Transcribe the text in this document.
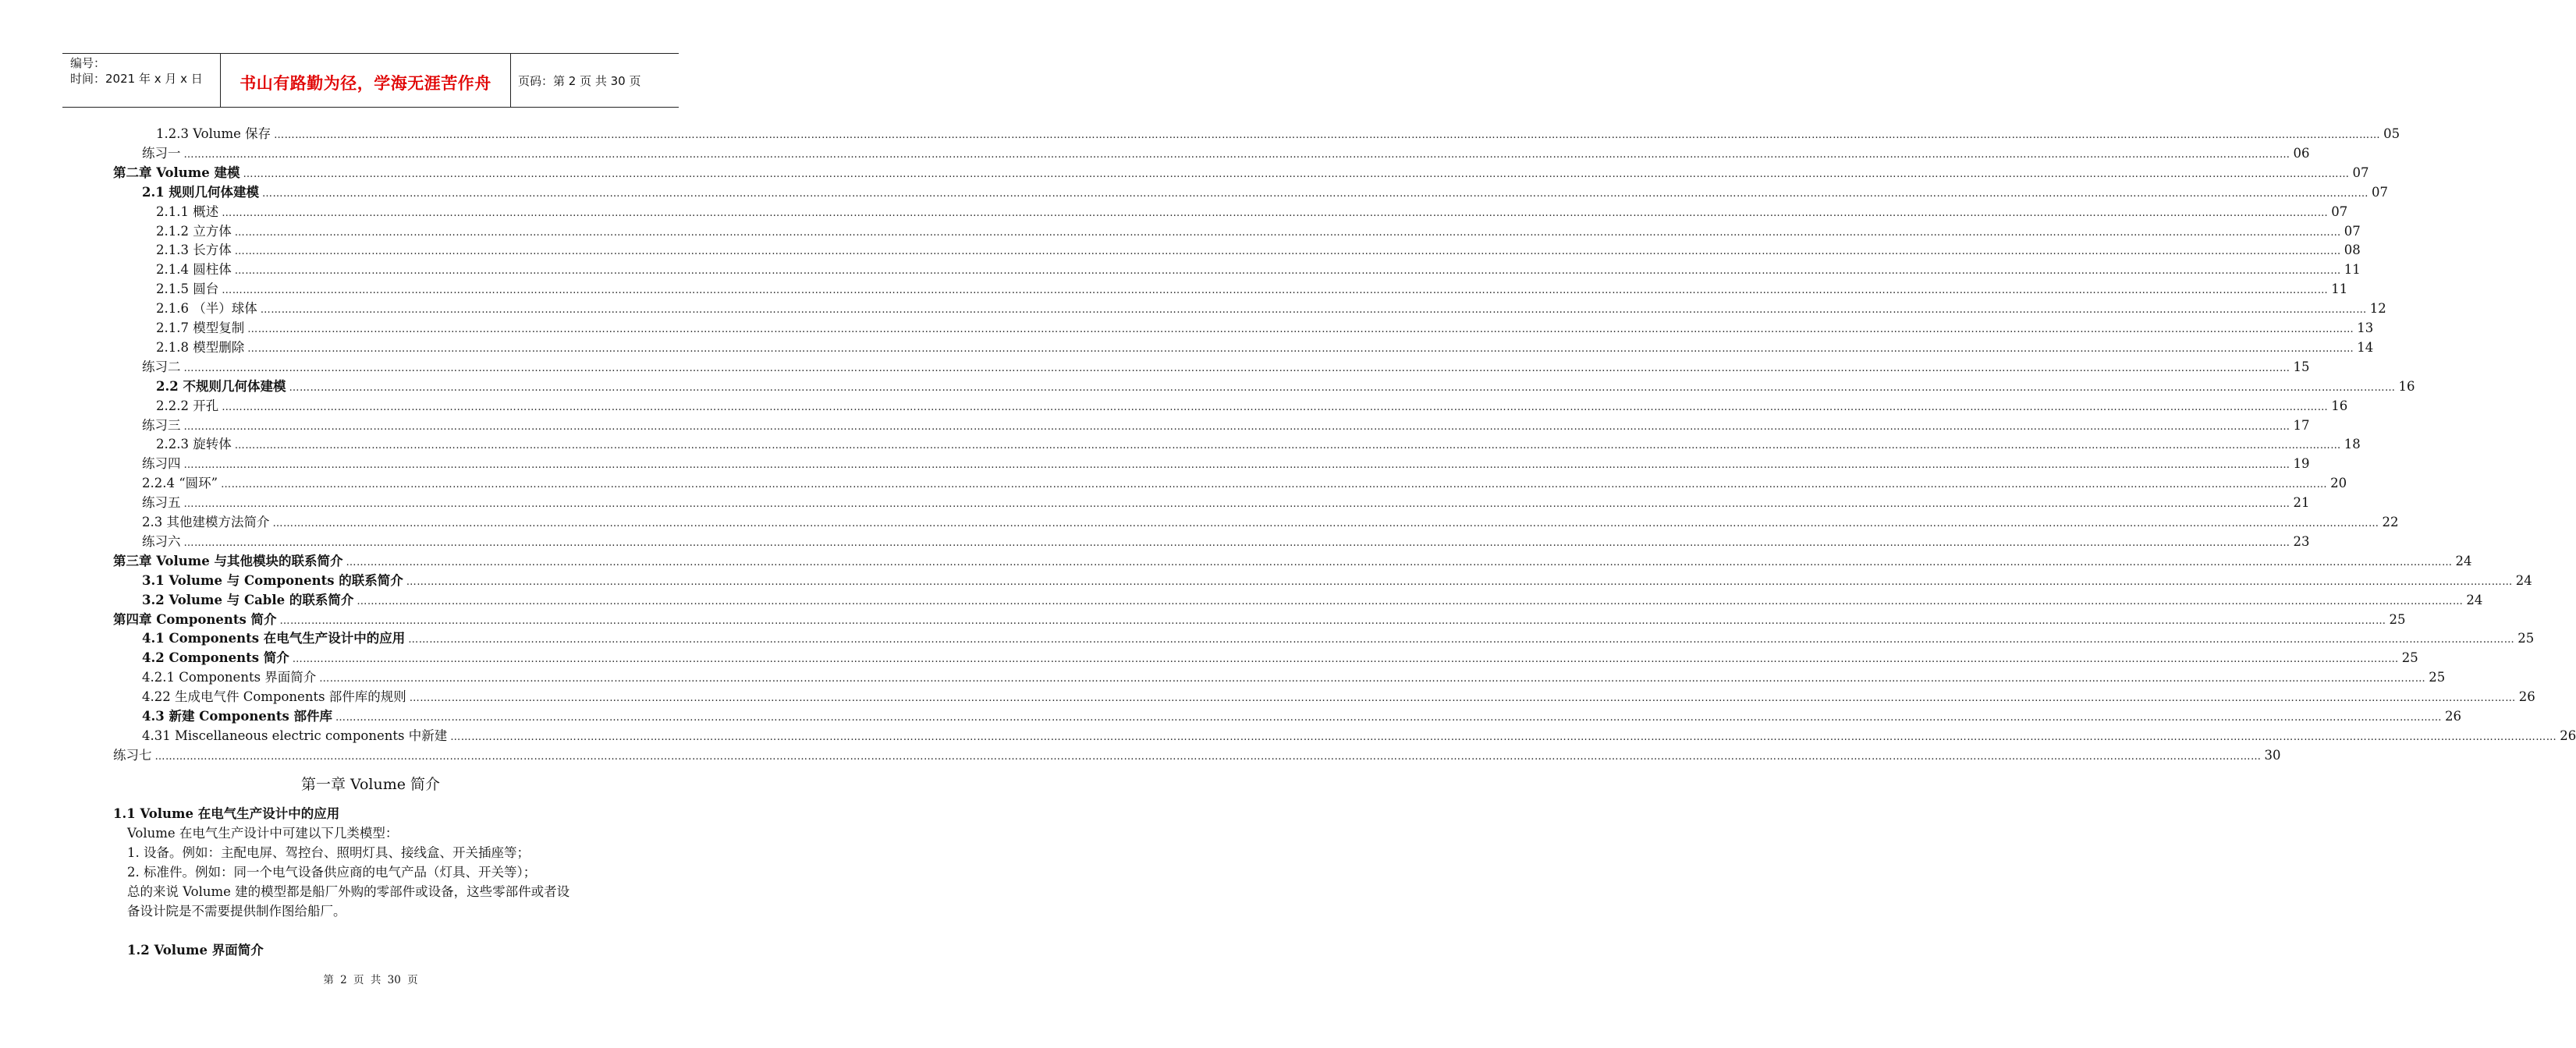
编号：
时间：2021 年 x 月 x 日	书山有路勤为径，学海无涯苦作舟	页码：第 2 页 共 30 页
1.2.3 Volume 保存 …………………………………………………………………………………………………………………………………………………………………………………………………………………………………………………………………………………………………………………………………………………………………………………………………………………………………………………………………………………………………………………………………………………… 05
练习一 …………………………………………………………………………………………………………………………………………………………………………………………………………………………………………………………………………………………………………………………………………………………………………………………………………………………………………………………………………………………………………………………………………………… 06
第二章 Volume 建模 …………………………………………………………………………………………………………………………………………………………………………………………………………………………………………………………………………………………………………………………………………………………………………………………………………………………………………………………………………………………………………………………………………………… 07
2.1 规则几何体建模 …………………………………………………………………………………………………………………………………………………………………………………………………………………………………………………………………………………………………………………………………………………………………………………………………………………………………………………………………………………………………………………………………………………… 07
2.1.1 概述 …………………………………………………………………………………………………………………………………………………………………………………………………………………………………………………………………………………………………………………………………………………………………………………………………………………………………………………………………………………………………………………………………………………… 07
2.1.2 立方体 …………………………………………………………………………………………………………………………………………………………………………………………………………………………………………………………………………………………………………………………………………………………………………………………………………………………………………………………………………………………………………………………………………………… 07
2.1.3 长方体 …………………………………………………………………………………………………………………………………………………………………………………………………………………………………………………………………………………………………………………………………………………………………………………………………………………………………………………………………………………………………………………………………………………… 08
2.1.4 圆柱体 …………………………………………………………………………………………………………………………………………………………………………………………………………………………………………………………………………………………………………………………………………………………………………………………………………………………………………………………………………………………………………………………………………………… 11
2.1.5 圆台 …………………………………………………………………………………………………………………………………………………………………………………………………………………………………………………………………………………………………………………………………………………………………………………………………………………………………………………………………………………………………………………………………………………… 11
2.1.6 （半）球体 …………………………………………………………………………………………………………………………………………………………………………………………………………………………………………………………………………………………………………………………………………………………………………………………………………………………………………………………………………………………………………………………………………………… 12
2.1.7 模型复制 …………………………………………………………………………………………………………………………………………………………………………………………………………………………………………………………………………………………………………………………………………………………………………………………………………………………………………………………………………………………………………………………………………………… 13
2.1.8 模型删除 …………………………………………………………………………………………………………………………………………………………………………………………………………………………………………………………………………………………………………………………………………………………………………………………………………………………………………………………………………………………………………………………………………………… 14
练习二 …………………………………………………………………………………………………………………………………………………………………………………………………………………………………………………………………………………………………………………………………………………………………………………………………………………………………………………………………………………………………………………………………………………… 15
2.2 不规则几何体建模 …………………………………………………………………………………………………………………………………………………………………………………………………………………………………………………………………………………………………………………………………………………………………………………………………………………………………………………………………………………………………………………………………………………… 16
2.2.2 开孔 …………………………………………………………………………………………………………………………………………………………………………………………………………………………………………………………………………………………………………………………………………………………………………………………………………………………………………………………………………………………………………………………………………………… 16
练习三 …………………………………………………………………………………………………………………………………………………………………………………………………………………………………………………………………………………………………………………………………………………………………………………………………………………………………………………………………………………………………………………………………………………… 17
2.2.3 旋转体 …………………………………………………………………………………………………………………………………………………………………………………………………………………………………………………………………………………………………………………………………………………………………………………………………………………………………………………………………………………………………………………………………………………… 18
练习四 …………………………………………………………………………………………………………………………………………………………………………………………………………………………………………………………………………………………………………………………………………………………………………………………………………………………………………………………………………………………………………………………………………………… 19
2.2.4 “圆环” …………………………………………………………………………………………………………………………………………………………………………………………………………………………………………………………………………………………………………………………………………………………………………………………………………………………………………………………………………………………………………………………………………………… 20
练习五 …………………………………………………………………………………………………………………………………………………………………………………………………………………………………………………………………………………………………………………………………………………………………………………………………………………………………………………………………………………………………………………………………………………… 21
2.3 其他建模方法简介 …………………………………………………………………………………………………………………………………………………………………………………………………………………………………………………………………………………………………………………………………………………………………………………………………………………………………………………………………………………………………………………………………………………… 22
练习六 …………………………………………………………………………………………………………………………………………………………………………………………………………………………………………………………………………………………………………………………………………………………………………………………………………………………………………………………………………………………………………………………………………………… 23
第三章 Volume 与其他模块的联系简介 …………………………………………………………………………………………………………………………………………………………………………………………………………………………………………………………………………………………………………………………………………………………………………………………………………………………………………………………………………………………………………………………………………………… 24
3.1 Volume 与 Components 的联系简介 …………………………………………………………………………………………………………………………………………………………………………………………………………………………………………………………………………………………………………………………………………………………………………………………………………………………………………………………………………………………………………………………………………………… 24
3.2 Volume 与 Cable 的联系简介 …………………………………………………………………………………………………………………………………………………………………………………………………………………………………………………………………………………………………………………………………………………………………………………………………………………………………………………………………………………………………………………………………………………… 24
第四章 Components 简介 …………………………………………………………………………………………………………………………………………………………………………………………………………………………………………………………………………………………………………………………………………………………………………………………………………………………………………………………………………………………………………………………………………………… 25
4.1 Components 在电气生产设计中的应用 …………………………………………………………………………………………………………………………………………………………………………………………………………………………………………………………………………………………………………………………………………………………………………………………………………………………………………………………………………………………………………………………………………………… 25
4.2 Components 简介 …………………………………………………………………………………………………………………………………………………………………………………………………………………………………………………………………………………………………………………………………………………………………………………………………………………………………………………………………………………………………………………………………………………… 25
4.2.1 Components 界面简介 …………………………………………………………………………………………………………………………………………………………………………………………………………………………………………………………………………………………………………………………………………………………………………………………………………………………………………………………………………………………………………………………………………………… 25
4.22 生成电气件 Components 部件库的规则 …………………………………………………………………………………………………………………………………………………………………………………………………………………………………………………………………………………………………………………………………………………………………………………………………………………………………………………………………………………………………………………………………………………… 26
4.3 新建 Components 部件库 …………………………………………………………………………………………………………………………………………………………………………………………………………………………………………………………………………………………………………………………………………………………………………………………………………………………………………………………………………………………………………………………………………………… 26
4.31 Miscellaneous electric components 中新建 …………………………………………………………………………………………………………………………………………………………………………………………………………………………………………………………………………………………………………………………………………………………………………………………………………………………………………………………………………………………………………………………………………………… 26
练习七 …………………………………………………………………………………………………………………………………………………………………………………………………………………………………………………………………………………………………………………………………………………………………………………………………………………………………………………………………………………………………………………………………………………… 30
第一章 Volume 简介
1.1 Volume 在电气生产设计中的应用
Volume 在电气生产设计中可建以下几类模型：
1. 设备。例如：主配电屏、驾控台、照明灯具、接线盒、开关插座等；
2. 标准件。例如：同一个电气设备供应商的电气产品（灯具、开关等）；
总的来说 Volume 建的模型都是船厂外购的零部件或设备，这些零部件或者设
备设计院是不需要提供制作图给船厂。
1.2 Volume 界面简介
第 2 页 共 30 页
